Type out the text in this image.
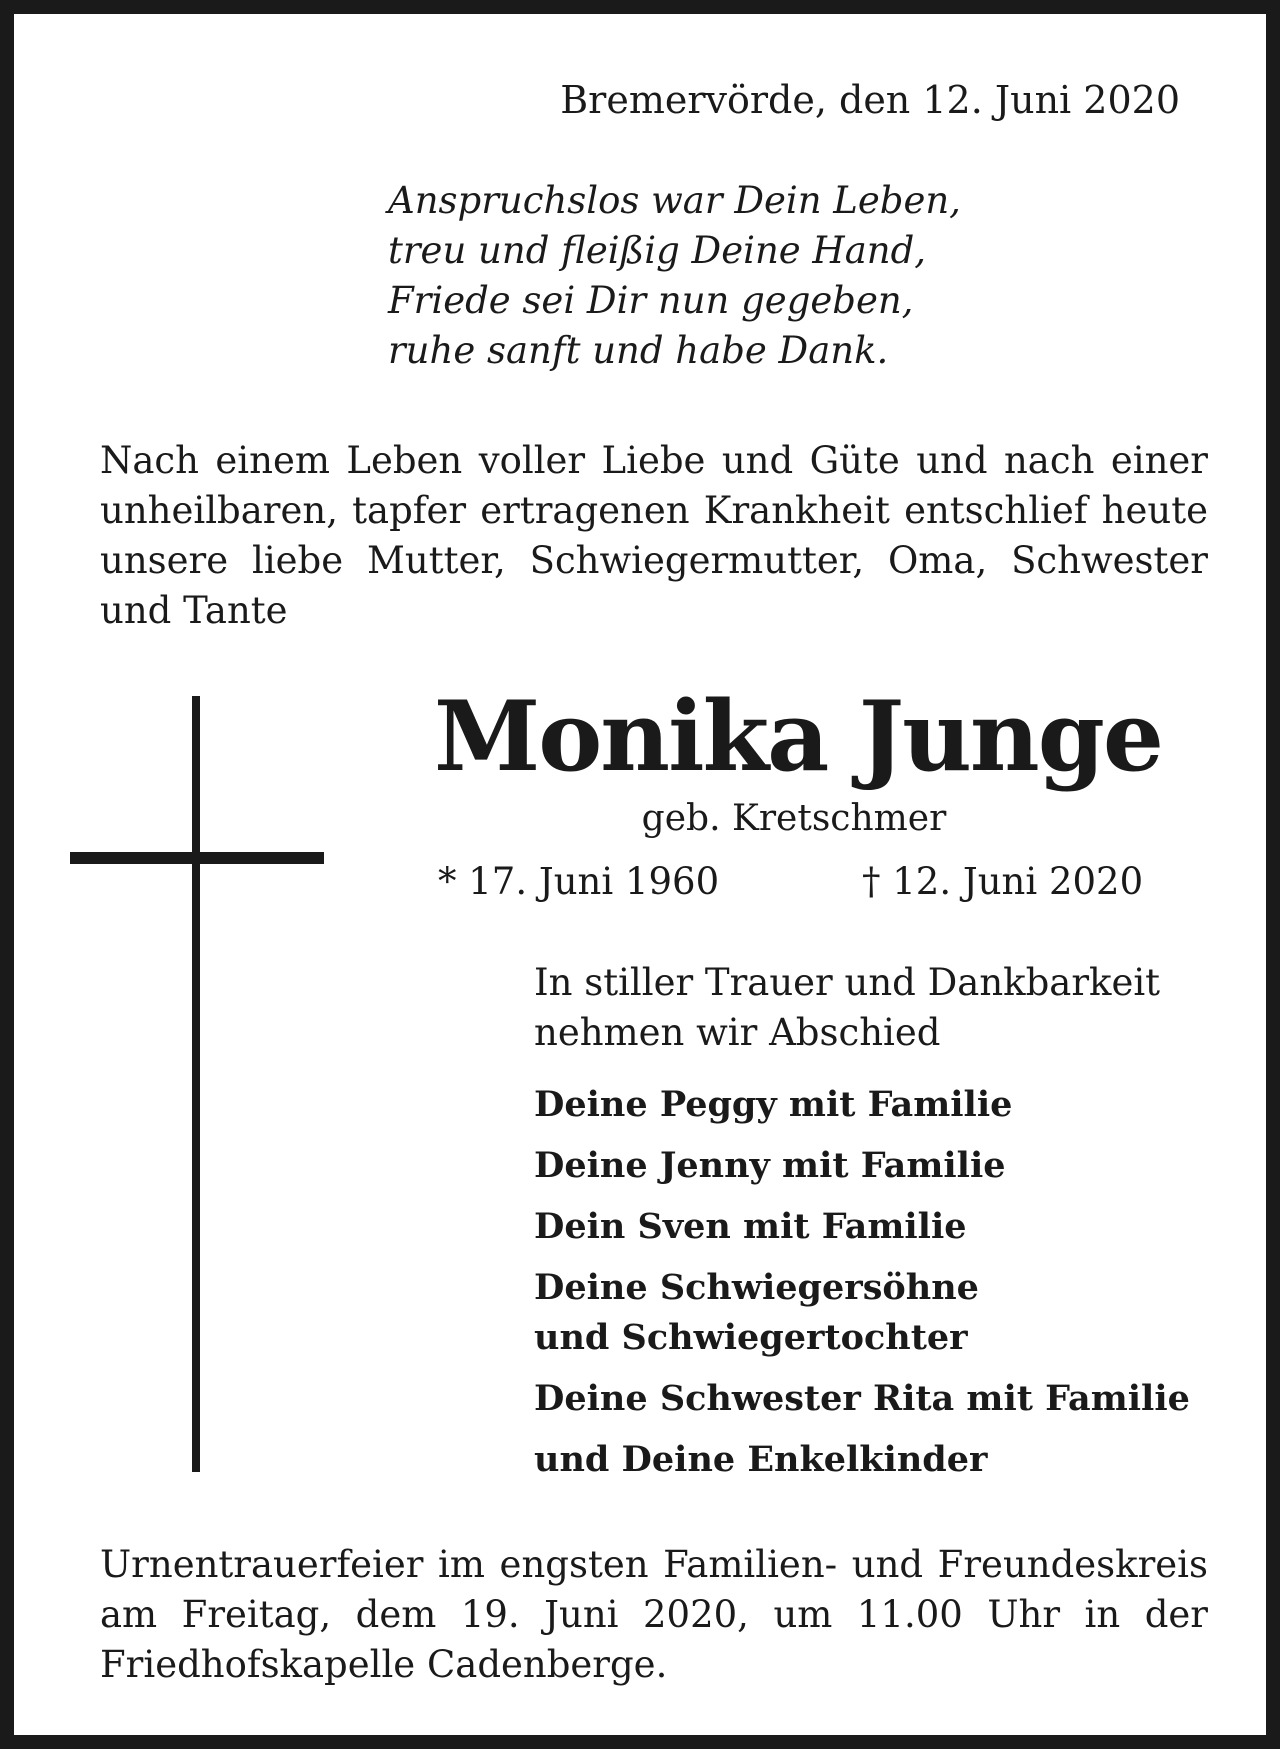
Bremervörde, den 12. Juni 2020
Anspruchslos war Dein Leben,
treu und fleißig Deine Hand,
Friede sei Dir nun gegeben,
ruhe sanft und habe Dank.
Nach einem Leben voller Liebe und Güte und nach einer unheilbaren, tapfer ertragenen Krankheit entschlief heute unsere liebe Mutter, Schwiegermutter, Oma, Schwester und Tante
Monika Junge
geb. Kretschmer
* 17. Juni 1960	† 12. Juni 2020
In stiller Trauer und Dankbarkeit
nehmen wir Abschied
Deine Peggy mit Familie
Deine Jenny mit Familie
Dein Sven mit Familie
Deine Schwiegersöhne
und Schwiegertochter
Deine Schwester Rita mit Familie
und Deine Enkelkinder
Urnentrauerfeier im engsten Familien- und Freundeskreis am Freitag, dem 19. Juni 2020, um 11.00 Uhr in der Friedhofskapelle Cadenberge.
